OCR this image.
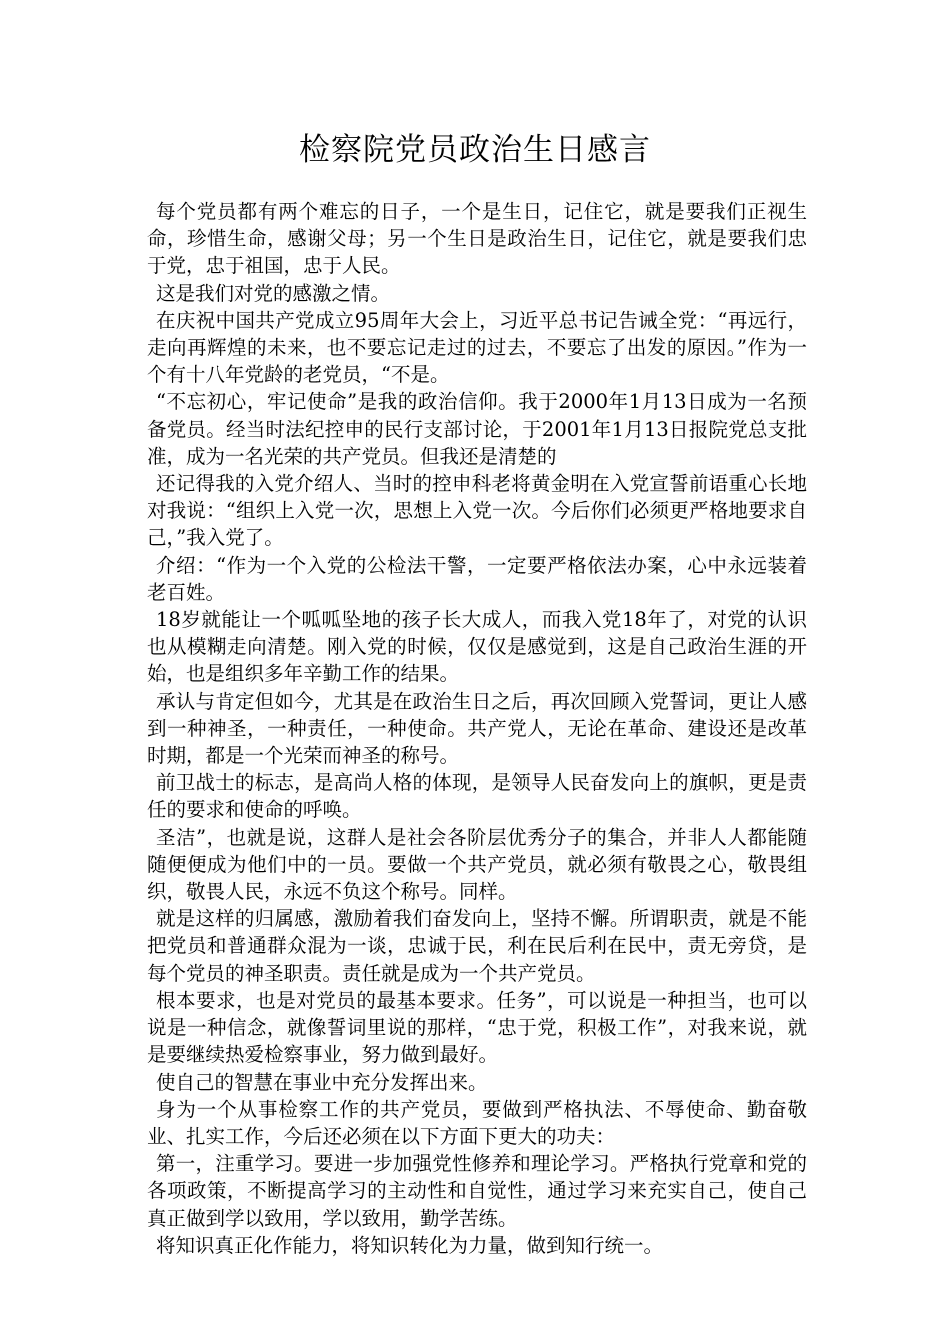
检察院党员政治生日感言

每个党员都有两个难忘的日子，一个是生日，记住它，就是要我们正视生命，珍惜生命，感谢父母；另一个生日是政治生日，记住它，就是要我们忠于党，忠于祖国，忠于人民。

这是我们对党的感激之情。

在庆祝中国共产党成立95周年大会上，习近平总书记告诫全党：“再远行，走向再辉煌的未来，也不要忘记走过的过去，不要忘了出发的原因。”作为一个有十八年党龄的老党员，“不是。

“不忘初心，牢记使命”是我的政治信仰。我于2000年1月13日成为一名预备党员。经当时法纪控申的民行支部讨论，于2001年1月13日报院党总支批准，成为一名光荣的共产党员。但我还是清楚的

还记得我的入党介绍人、当时的控申科老将黄金明在入党宣誓前语重心长地对我说：“组织上入党一次，思想上入党一次。今后你们必须更严格地要求自己，”我入党了。

介绍：“作为一个入党的公检法干警，一定要严格依法办案，心中永远装着老百姓。

18岁就能让一个呱呱坠地的孩子长大成人，而我入党18年了，对党的认识也从模糊走向清楚。刚入党的时候，仅仅是感觉到，这是自己政治生涯的开始，也是组织多年辛勤工作的结果。

承认与肯定但如今，尤其是在政治生日之后，再次回顾入党誓词，更让人感到一种神圣，一种责任，一种使命。共产党人，无论在革命、建设还是改革时期，都是一个光荣而神圣的称号。

前卫战士的标志，是高尚人格的体现，是领导人民奋发向上的旗帜，更是责任的要求和使命的呼唤。

圣洁”，也就是说，这群人是社会各阶层优秀分子的集合，并非人人都能随随便便成为他们中的一员。要做一个共产党员，就必须有敬畏之心，敬畏组织，敬畏人民，永远不负这个称号。同样。

就是这样的归属感，激励着我们奋发向上，坚持不懈。所谓职责，就是不能把党员和普通群众混为一谈，忠诚于民，利在民后利在民中，责无旁贷，是每个党员的神圣职责。责任就是成为一个共产党员。

根本要求，也是对党员的最基本要求。任务”，可以说是一种担当，也可以说是一种信念，就像誓词里说的那样，“忠于党，积极工作”，对我来说，就是要继续热爱检察事业，努力做到最好。

使自己的智慧在事业中充分发挥出来。

身为一个从事检察工作的共产党员，要做到严格执法、不辱使命、勤奋敬业、扎实工作，今后还必须在以下方面下更大的功夫：

第一，注重学习。要进一步加强党性修养和理论学习。严格执行党章和党的各项政策，不断提高学习的主动性和自觉性，通过学习来充实自己，使自己真正做到学以致用，学以致用，勤学苦练。

将知识真正化作能力，将知识转化为力量，做到知行统一。
